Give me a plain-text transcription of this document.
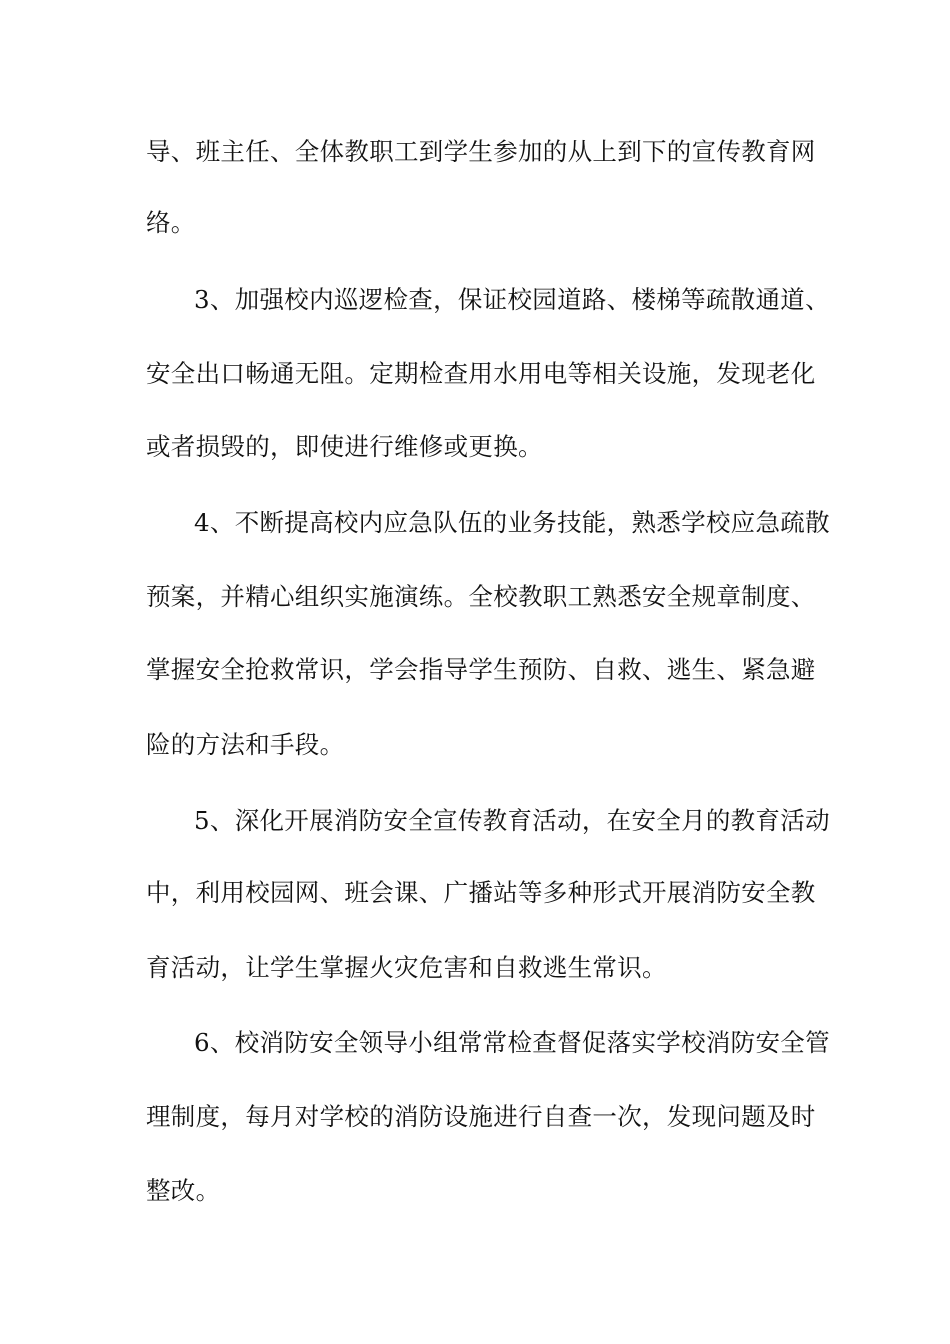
导、班主任、全体教职工到学生参加的从上到下的宣传教育网
络。
3、加强校内巡逻检查，保证校园道路、楼梯等疏散通道、
安全出口畅通无阻。定期检查用水用电等相关设施，发现老化
或者损毁的，即使进行维修或更换。
4、不断提高校内应急队伍的业务技能，熟悉学校应急疏散
预案，并精心组织实施演练。全校教职工熟悉安全规章制度、
掌握安全抢救常识，学会指导学生预防、自救、逃生、紧急避
险的方法和手段。
5、深化开展消防安全宣传教育活动，在安全月的教育活动
中，利用校园网、班会课、广播站等多种形式开展消防安全教
育活动，让学生掌握火灾危害和自救逃生常识。
6、校消防安全领导小组常常检查督促落实学校消防安全管
理制度，每月对学校的消防设施进行自查一次，发现问题及时
整改。
